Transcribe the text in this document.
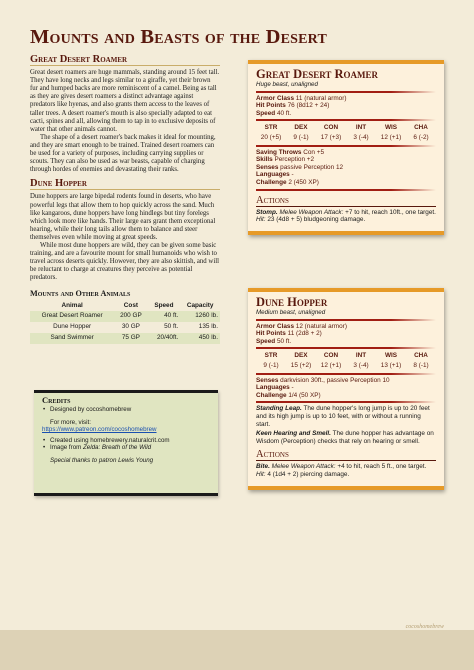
Mounts and Beasts of the Desert
Great Desert Roamer

Great desert roamers are huge mammals, standing around 15 feet tall. They have long necks and legs similar to a giraffe, yet their brown fur and humped backs are more reminiscent of a camel. Being as tall as they are gives desert roamers a distinct advantage against predators like hyenas, and also grants them access to the leaves of taller trees. A desert roamer's mouth is also specially adapted to eat cacti, spines and all, allowing them to tap in to exclusive deposits of water that other animals cannot.

The shape of a desert roamer's back makes it ideal for mounting, and they are smart enough to be trained. Trained desert roamers can be used for a variety of purposes, including carrying supplies or scouts. They can also be used as war beasts, capable of charging through hordes of enemies and devastating their ranks.

Dune Hopper

Dune hoppers are large bipedal rodents found in deserts, who have powerful legs that allow them to hop quickly across the sand. Much like kangaroos, dune hoppers have long hindlegs but tiny forelegs which look more like hands. Their large ears grant them exceptional hearing, while their long tails allow them to balance and steer themselves even while moving at great speeds.

While most dune hoppers are wild, they can be given some basic training, and are a favourite mount for small humanoids who wish to travel across deserts quickly. However, they are also skittish, and will be reluctant to charge at creatures they perceive as potential predators.

Mounts and Other Animals
Animal	Cost	Speed	Capacity
Great Desert Roamer	200 GP	40 ft.	1260 lb.
Dune Hopper	30 GP	50 ft.	135 lb.
Sand Swimmer	75 GP	20/40ft.	450 lb.
Credits
• Designed by cocoshomebrew
For more, visit:
https://www.patreon.com/cocoshomebrew
• Created using homebrewery.naturalcrit.com
• Image from Zelda: Breath of the Wild
Special thanks to patron Lewis Young
Great Desert Roamer
Huge beast, unaligned
Armor Class 11 (natural armor)
Hit Points 76 (8d12 + 24)
Speed 40 ft.
STR	DEX	CON	INT	WIS	CHA
20 (+5)	9 (-1)	17 (+3)	3 (-4)	12 (+1)	6 (-2)
Saving Throws Con +5
Skills Perception +2
Senses passive Perception 12
Languages -
Challenge 2 (450 XP)
Actions

Stomp. Melee Weapon Attack: +7 to hit, reach 10ft., one target. Hit: 23 (4d8 + 5) bludgeoning damage.

Dune Hopper
Medium beast, unaligned
Armor Class 12 (natural armor)
Hit Points 11 (2d8 + 2)
Speed 50 ft.
STR	DEX	CON	INT	WIS	CHA
9 (-1)	15 (+2)	12 (+1)	3 (-4)	13 (+1)	8 (-1)
Senses darkvision 30ft., passive Perception 10
Languages -
Challenge 1/4 (50 XP)

Standing Leap. The dune hopper's long jump is up to 20 feet and its high jump is up to 10 feet, with or without a running start.

Keen Hearing and Smell. The dune hopper has advantage on Wisdom (Perception) checks that rely on hearing or smell.

Actions

Bite. Melee Weapon Attack: +4 to hit, reach 5 ft., one target. Hit: 4 (1d4 + 2) piercing damage.

cocoshomebrew
